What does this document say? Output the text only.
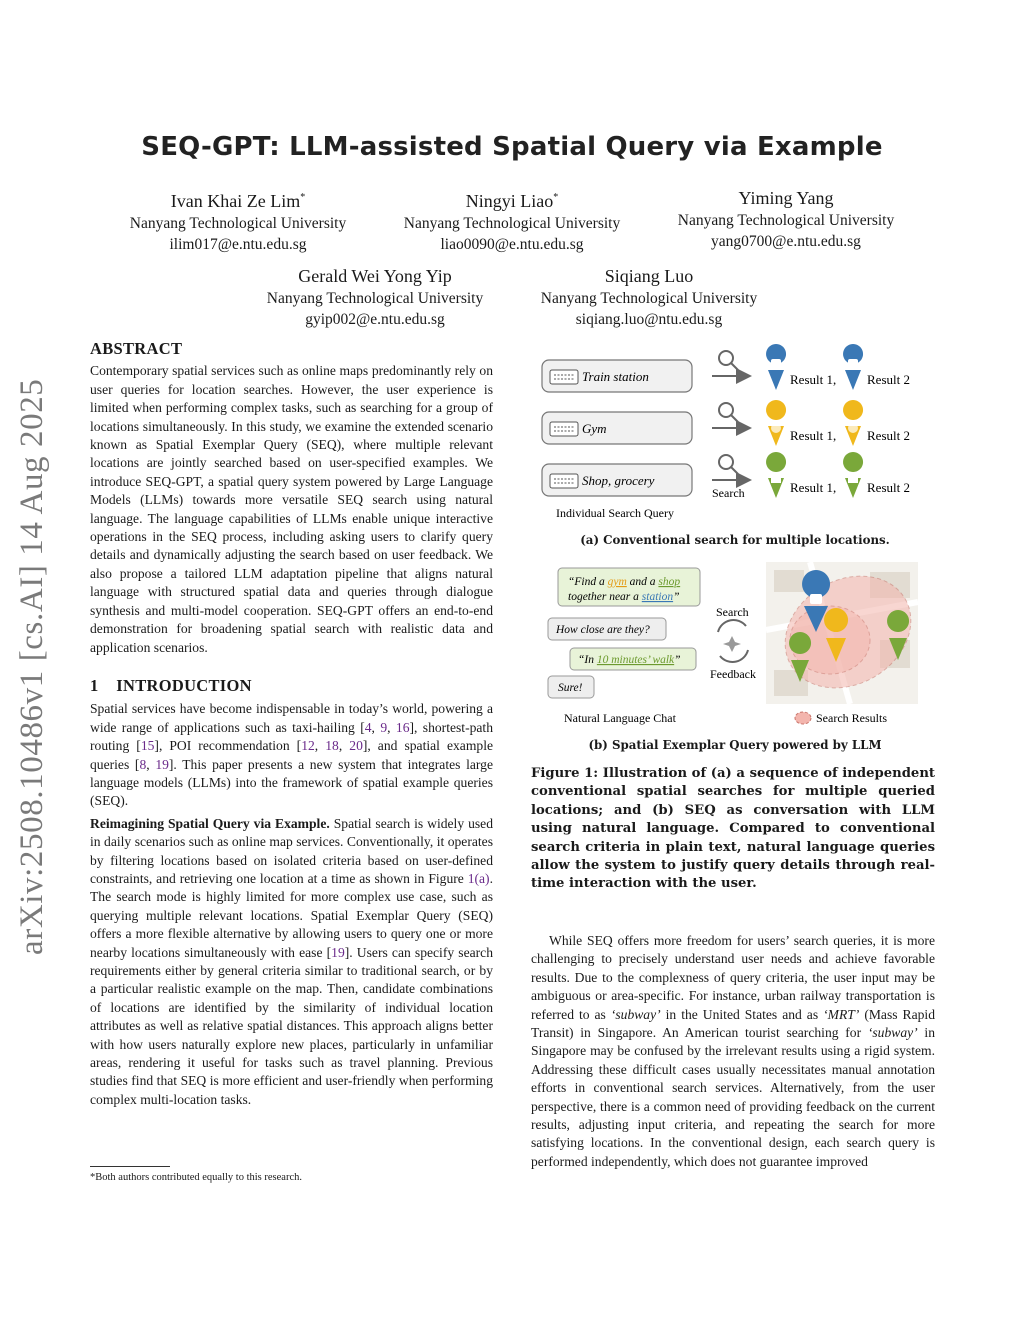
arXiv:2508.10486v1 [cs.AI] 14 Aug 2025
SEQ-GPT: LLM-assisted Spatial Query via Example
Ivan Khai Ze Lim*
Nanyang Technological University
ilim017@e.ntu.edu.sg
Ningyi Liao*
Nanyang Technological University
liao0090@e.ntu.edu.sg
Yiming Yang
Nanyang Technological University
yang0700@e.ntu.edu.sg
Gerald Wei Yong Yip
Nanyang Technological University
gyip002@e.ntu.edu.sg
Siqiang Luo
Nanyang Technological University
siqiang.luo@ntu.edu.sg
ABSTRACT

Contemporary spatial services such as online maps predominantly rely on user queries for location searches. However, the user experience is limited when performing complex tasks, such as searching for a group of locations simultaneously. In this study, we examine the extended scenario known as Spatial Exemplar Query (SEQ), where multiple relevant locations are jointly searched based on user-specified examples. We introduce SEQ-GPT, a spatial query system powered by Large Language Models (LLMs) towards more versatile SEQ search using natural language. The language capabilities of LLMs enable unique interactive operations in the SEQ process, including asking users to clarify query details and dynamically adjusting the search based on user feedback. We also propose a tailored LLM adaptation pipeline that aligns natural language with structured spatial data and queries through dialogue synthesis and multi-model cooperation. SEQ-GPT offers an end-to-end demonstration for broadening spatial search with realistic data and application scenarios.

1 INTRODUCTION

Spatial services have become indispensable in today’s world, powering a wide range of applications such as taxi-hailing [4, 9, 16], shortest-path routing [15], POI recommendation [12, 18, 20], and spatial example queries [8, 19]. This paper presents a new system that integrates large language models (LLMs) into the framework of spatial example queries (SEQ).

Reimagining Spatial Query via Example. Spatial search is widely used in daily scenarios such as online map services. Conventionally, it operates by filtering locations based on isolated criteria based on user-defined constraints, and retrieving one location at a time as shown in Figure 1(a). The search mode is highly limited for more complex use case, such as querying multiple relevant locations. Spatial Exemplar Query (SEQ) offers a more flexible alternative by allowing users to query one or more nearby locations simultaneously with ease [19]. Users can specify search requirements either by general criteria similar to traditional search, or by a particular realistic example on the map. Then, candidate combinations of locations are identified by the similarity of individual location attributes as well as relative spatial distances. This approach aligns better with how users naturally explore new places, particularly in unfamiliar areas, rendering it useful for tasks such as travel planning. Previous studies find that SEQ is more efficient and user-friendly when performing complex multi-location tasks.

*Both authors contributed equally to this research.
Train station
Gym
Shop, grocery
Search
Result 1, Result 2
Result 1, Result 2
Result 1, Result 2
Individual Search Query
“Find a gym and a shop
together near a station”
How close are they?
“In 10 minutes’ walk”
Sure!
Search
Feedback
Natural Language Chat	Search Results
(a) Conventional search for multiple locations.
(b) Spatial Exemplar Query powered by LLM
Figure 1: Illustration of (a) a sequence of independent conventional spatial searches for multiple queried locations; and (b) SEQ as conversation with LLM using natural language. Compared to conventional search criteria in plain text, natural language queries allow the system to justify query details through real-time interaction with the user.
While SEQ offers more freedom for users’ search queries, it is more challenging to precisely understand user needs and achieve favorable results. Due to the complexness of query criteria, the user input may be ambiguous or area-specific. For instance, urban railway transportation is referred to as ‘subway’ in the United States and as ‘MRT’ (Mass Rapid Transit) in Singapore. An American tourist searching for ‘subway’ in Singapore may be confused by the irrelevant results using a rigid system. Addressing these difficult cases usually necessitates manual annotation efforts in conventional search services. Alternatively, from the user perspective, there is a common need of providing feedback on the current results, adjusting input criteria, and repeating the search for more satisfying locations. In the conventional design, each search query is performed independently, which does not guarantee improved
